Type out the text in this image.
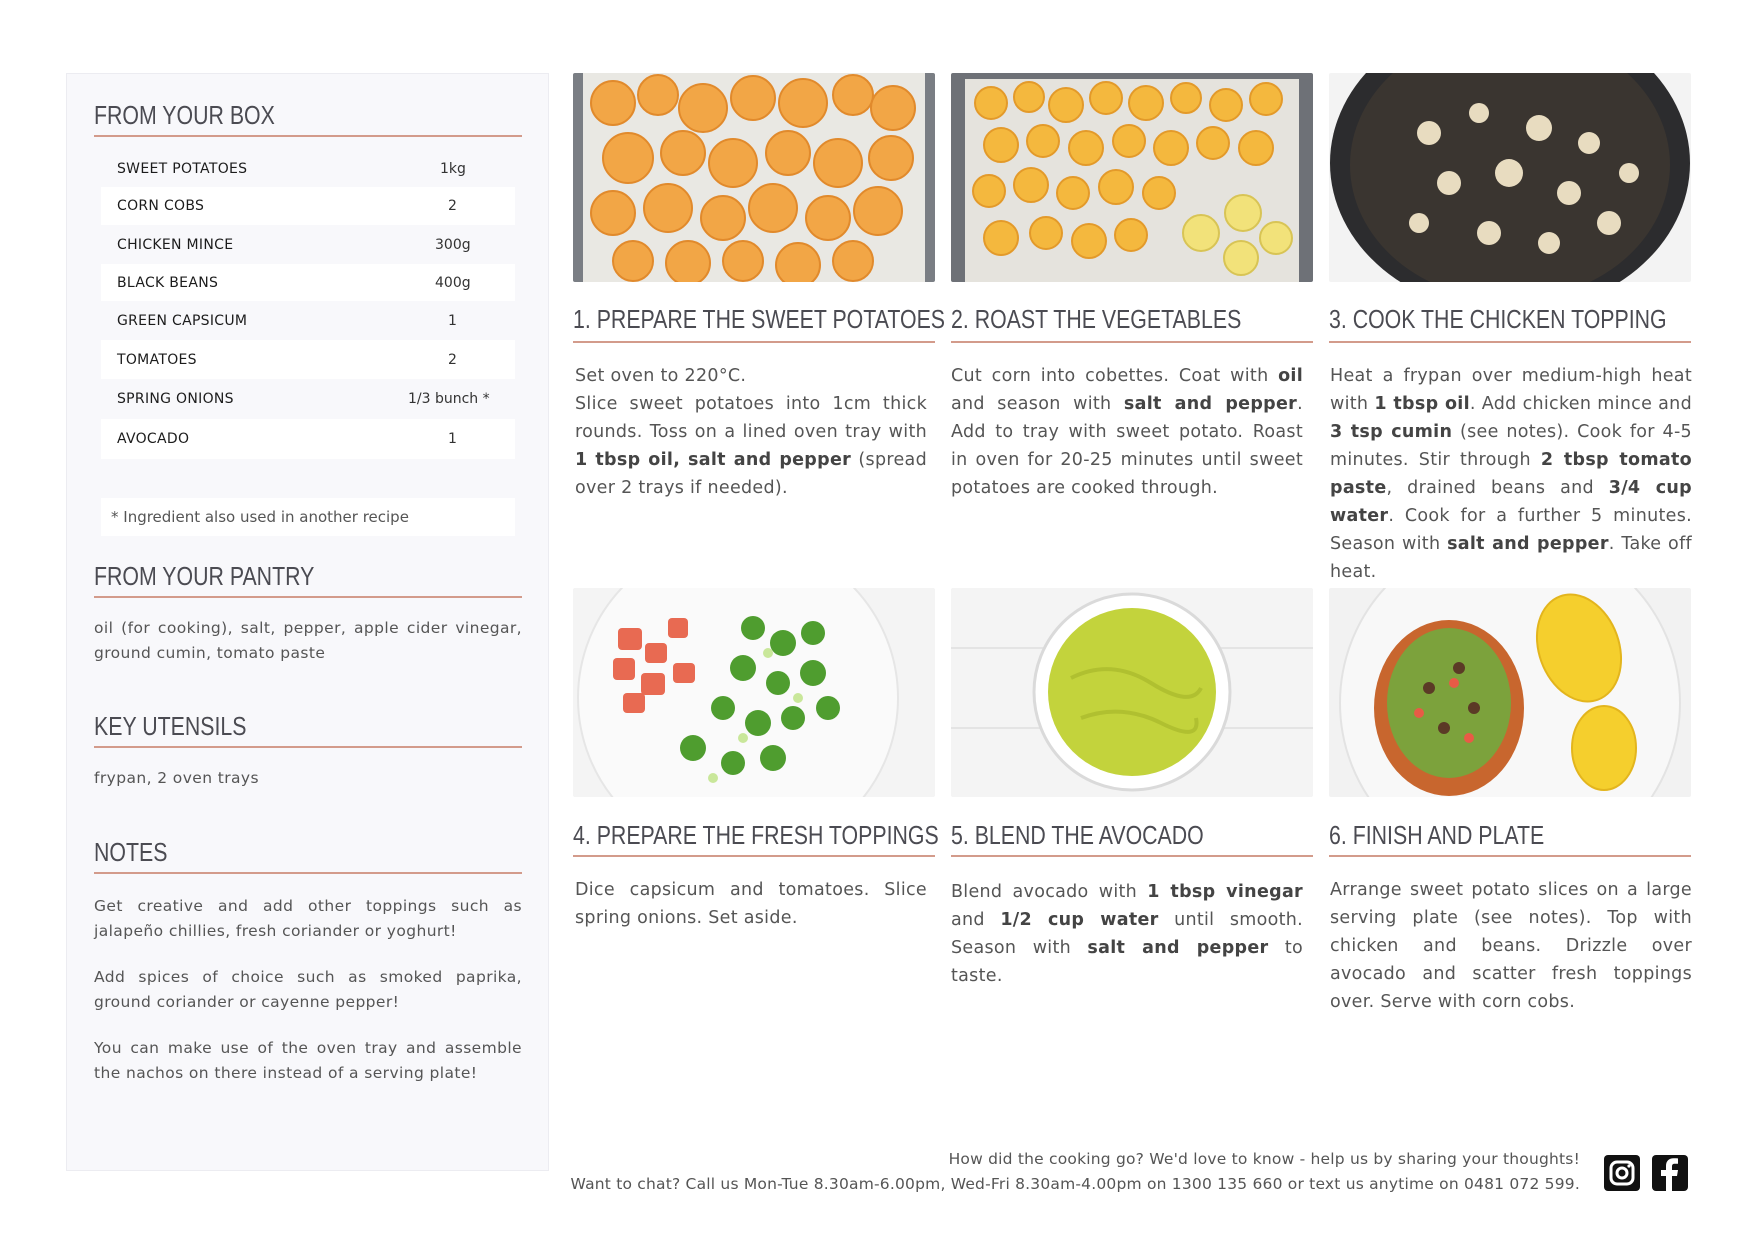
FROM YOUR BOX
SWEET POTATOES	1kg
CORN COBS	2
CHICKEN MINCE	300g
BLACK BEANS	400g
GREEN CAPSICUM	1
TOMATOES	2
SPRING ONIONS	1/3 bunch *
AVOCADO	1
* Ingredient also used in another recipe
FROM YOUR PANTRY
oil (for cooking), salt, pepper, apple cider vinegar, ground cumin, tomato paste
KEY UTENSILS
frypan, 2 oven trays
NOTES
Get creative and add other toppings such as jalapeño chillies, fresh coriander or yoghurt!
Add spices of choice such as smoked paprika, ground coriander or cayenne pepper!
You can make use of the oven tray and assemble the nachos on there instead of a serving plate!
1. PREPARE THE SWEET POTATOES 2. ROAST THE VEGETABLES	3. COOK THE CHICKEN TOPPING
4. PREPARE THE FRESH TOPPINGS 5. BLEND THE AVOCADO	6. FINISH AND PLATE
Set oven to 220°C.
Slice sweet potatoes into 1cm thick rounds. Toss on a lined oven tray with 1 tbsp oil, salt and pepper (spread over 2 trays if needed).
Cut corn into cobettes. Coat with oil and season with salt and pepper. Add to tray with sweet potato. Roast in oven for 20-25 minutes until sweet potatoes are cooked through.
Heat a frypan over medium-high heat with 1 tbsp oil. Add chicken mince and 3 tsp cumin (see notes). Cook for 4-5 minutes. Stir through 2 tbsp tomato paste, drained beans and 3/4 cup water. Cook for a further 5 minutes. Season with salt and pepper. Take off heat.
Dice capsicum and tomatoes. Slice spring onions. Set aside.
Blend avocado with 1 tbsp vinegar and 1/2 cup water until smooth. Season with salt and pepper to taste.
Arrange sweet potato slices on a large serving plate (see notes). Top with chicken and beans. Drizzle over avocado and scatter fresh toppings over. Serve with corn cobs.
How did the cooking go? We'd love to know - help us by sharing your thoughts!
Want to chat? Call us Mon-Tue 8.30am-6.00pm, Wed-Fri 8.30am-4.00pm on 1300 135 660 or text us anytime on 0481 072 599.
